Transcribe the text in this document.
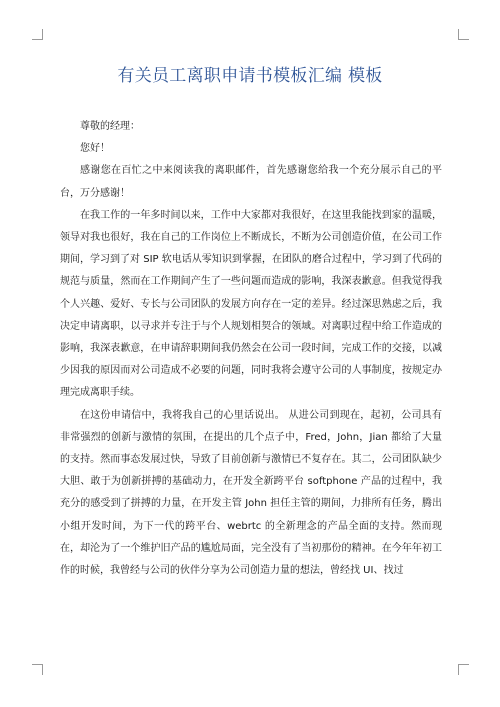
有关员工离职申请书模板汇编 模板

尊敬的经理：

您好！

感谢您在百忙之中来阅读我的离职邮件，首先感谢您给我一个充分展示自己的平台，万分感谢！

在我工作的一年多时间以来，工作中大家都对我很好，在这里我能找到家的温暖，领导对我也很好，我在自己的工作岗位上不断成长，不断为公司创造价值，在公司工作期间，学习到了对 SIP 软电话从零知识到掌握，在团队的磨合过程中，学习到了代码的规范与质量，然而在工作期间产生了一些问题而造成的影响，我深表歉意。但我觉得我个人兴趣、爱好、专长与公司团队的发展方向存在一定的差异。经过深思熟虑之后，我决定申请离职，以寻求并专注于与个人规划相契合的领域。对离职过程中给工作造成的影响，我深表歉意，在申请辞职期间我仍然会在公司一段时间，完成工作的交接，以减少因我的原因而对公司造成不必要的问题，同时我将会遵守公司的人事制度，按规定办理完成离职手续。

在这份申请信中，我将我自己的心里话说出。 从进公司到现在，起初，公司具有非常强烈的创新与激情的氛围，在提出的几个点子中，Fred，John，Jian 都给了大量的支持。然而事态发展过快，导致了目前创新与激情已不复存在。其二，公司团队缺少大胆、敢于为创新拼搏的基础动力，在开发全新跨平台 softphone 产品的过程中，我充分的感受到了拼搏的力量，在开发主管 John 担任主管的期间，力排所有任务，腾出小组开发时间，为下一代的跨平台、webrtc 的全新理念的产品全面的支持。然而现在，却沦为了一个维护旧产品的尴尬局面，完全没有了当初那份的精神。在今年年初工作的时候，我曾经与公司的伙伴分享为公司创造力量的想法，曾经找 UI、找过
